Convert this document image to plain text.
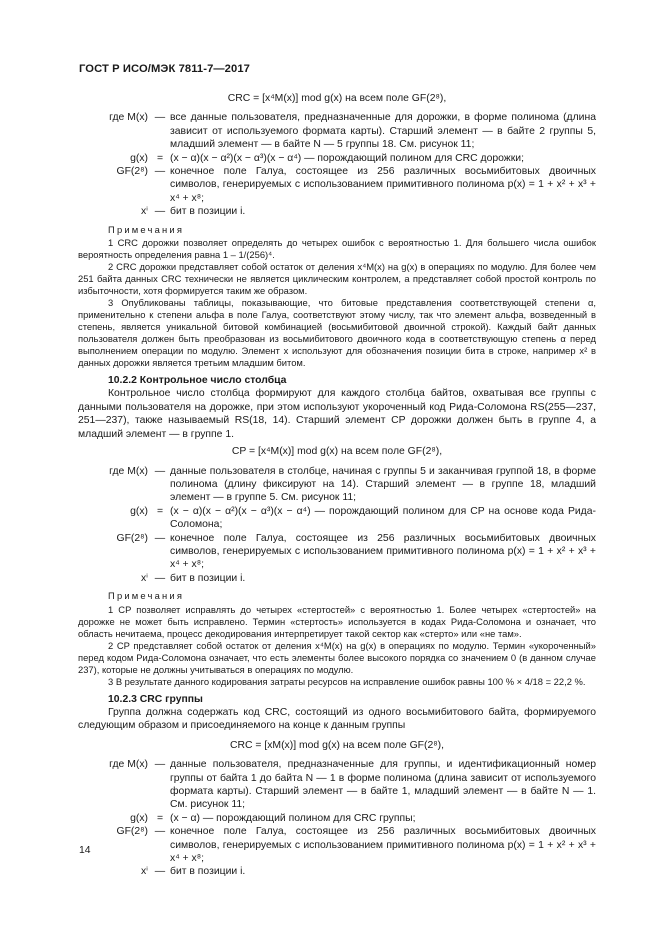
ГОСТ Р ИСО/МЭК 7811-7—2017
CRC = [x⁴M(x)] mod g(x) на всем поле GF(2⁸),
где M(x)	—	все данные пользователя, предназначенные для дорожки, в форме полинома (длина зависит от используемого формата карты). Старший элемент — в байте 2 группы 5, младший элемент — в байте N — 5 группы 18. См. рисунок 11;
g(x)	=	(x − α)(x − α²)(x − α³)(x − α⁴) — порождающий полином для CRC дорожки;
GF(2⁸)	—	конечное поле Галуа, состоящее из 256 различных восьмибитовых двоичных символов, генерируемых с использованием примитивного полинома p(x) = 1 + x² + x³ + x⁴ + x⁸;
xⁱ	—	бит в позиции i.
Примечания
1 CRC дорожки позволяет определять до четырех ошибок с вероятностью 1. Для большего числа ошибок вероятность определения равна 1 – 1/(256)⁴.
2 CRC дорожки представляет собой остаток от деления x⁴M(x) на g(x) в операциях по модулю. Для более чем 251 байта данных CRC технически не является циклическим контролем, а представляет собой простой контроль по избыточности, хотя формируется таким же образом.
3 Опубликованы таблицы, показывающие, что битовые представления соответствующей степени α, применительно к степени альфа в поле Галуа, соответствуют этому числу, так что элемент альфа, возведенный в степень, является уникальной битовой комбинацией (восьмибитовой двоичной строкой). Каждый байт данных пользователя должен быть преобразован из восьмибитового двоичного кода в соответствующую степень α перед выполнением операции по модулю. Элемент x используют для обозначения позиции бита в строке, например x² в данных дорожки является третьим младшим битом.
10.2.2 Контрольное число столбца
Контрольное число столбца формируют для каждого столбца байтов, охватывая все группы с данными пользователя на дорожке, при этом используют укороченный код Рида-Соломона RS(255—237, 251—237), также называемый RS(18, 14). Старший элемент CP дорожки должен быть в группе 4, а младший элемент — в группе 1.
CP = [x⁴M(x)] mod g(x) на всем поле GF(2⁸),
где M(x)	—	данные пользователя в столбце, начиная с группы 5 и заканчивая группой 18, в форме полинома (длину фиксируют на 14). Старший элемент — в группе 18, младший элемент — в группе 5. См. рисунок 11;
g(x)	=	(x − α)(x − α²)(x − α³)(x − α⁴) — порождающий полином для CP на основе кода Рида-Соломона;
GF(2⁸)	—	конечное поле Галуа, состоящее из 256 различных восьмибитовых двоичных символов, генерируемых с использованием примитивного полинома p(x) = 1 + x² + x³ + x⁴ + x⁸;
xⁱ	—	бит в позиции i.
Примечания
1 CP позволяет исправлять до четырех «стертостей» с вероятностью 1. Более четырех «стертостей» на дорожке не может быть исправлено. Термин «стертость» используется в кодах Рида-Соломона и означает, что область нечитаема, процесс декодирования интерпретирует такой сектор как «стерто» или «не там».
2 CP представляет собой остаток от деления x⁴M(x) на g(x) в операциях по модулю. Термин «укороченный» перед кодом Рида-Соломона означает, что есть элементы более высокого порядка со значением 0 (в данном случае 237), которые не должны учитываться в операциях по модулю.
3 В результате данного кодирования затраты ресурсов на исправление ошибок равны 100 % × 4/18 = 22,2 %.
10.2.3 CRC группы
Группа должна содержать код CRC, состоящий из одного восьмибитового байта, формируемого следующим образом и присоединяемого на конце к данным группы
CRC = [xM(x)] mod g(x) на всем поле GF(2⁸),
где M(x)	—	данные пользователя, предназначенные для группы, и идентификационный номер группы от байта 1 до байта N — 1 в форме полинома (длина зависит от используемого формата карты). Старший элемент — в байте 1, младший элемент — в байте N — 1. См. рисунок 11;
g(x)	=	(x − α) — порождающий полином для CRC группы;
GF(2⁸)	—	конечное поле Галуа, состоящее из 256 различных восьмибитовых двоичных символов, генерируемых с использованием примитивного полинома p(x) = 1 + x² + x³ + x⁴ + x⁸;
xⁱ	—	бит в позиции i.
14
